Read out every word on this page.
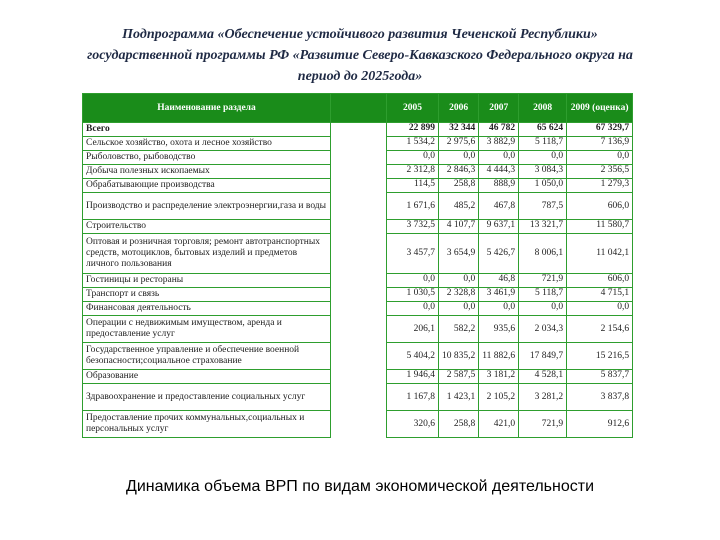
Подпрограмма «Обеспечение устойчивого развития Чеченской Республики»
государственной программы РФ «Развитие Северо-Кавказского Федерального округа на
период до 2025года»
Наименование раздела		2005	2006	2007	2008	2009 (оценка)
Всего		22 899	32 344	46 782	65 624	67 329,7
Сельское хозяйство, охота и лесное хозяйство		1 534,2	2 975,6	3 882,9	5 118,7	7 136,9
Рыболовство, рыбоводство		0,0	0,0	0,0	0,0	0,0
Добыча полезных ископаемых		2 312,8	2 846,3	4 444,3	3 084,3	2 356,5
Обрабатывающие производства		114,5	258,8	888,9	1 050,0	1 279,3
Производство и распределение электроэнергии,газа и воды		1 671,6	485,2	467,8	787,5	606,0
Строительство		3 732,5	4 107,7	9 637,1	13 321,7	11 580,7
Оптовая и розничная торговля; ремонт автотранспортных средств, мотоциклов, бытовых изделий и предметов личного пользования		3 457,7	3 654,9	5 426,7	8 006,1	11 042,1
Гостиницы и рестораны		0,0	0,0	46,8	721,9	606,0
Транспорт и связь		1 030,5	2 328,8	3 461,9	5 118,7	4 715,1
Финансовая деятельность		0,0	0,0	0,0	0,0	0,0
Операции с недвижимым имуществом, аренда и предоставление услуг		206,1	582,2	935,6	2 034,3	2 154,6
Государственное управление и обеспечение военной безопасности;социальное страхование		5 404,2	10 835,2	11 882,6	17 849,7	15 216,5
Образование		1 946,4	2 587,5	3 181,2	4 528,1	5 837,7
Здравоохранение и предоставление социальных услуг		1 167,8	1 423,1	2 105,2	3 281,2	3 837,8
Предоставление прочих коммунальных,социальных и персональных услуг		320,6	258,8	421,0	721,9	912,6
Динамика объема ВРП по видам экономической деятельности
